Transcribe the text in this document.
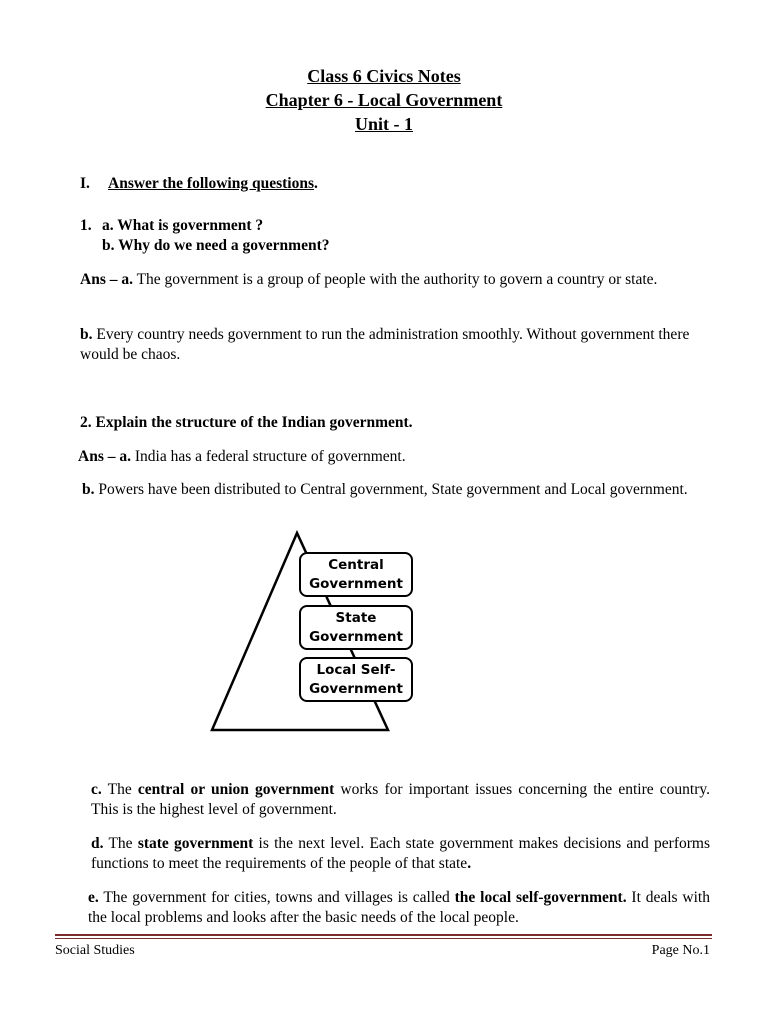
Class 6 Civics Notes
Chapter 6 - Local Government
Unit - 1
I. Answer the following questions.
1. a. What is government ?
b. Why do we need a government?
Ans – a. The government is a group of people with the authority to govern a country or state.
b. Every country needs government to run the administration smoothly. Without government there would be chaos.
2. Explain the structure of the Indian government.
Ans – a. India has a federal structure of government.
b. Powers have been distributed to Central government, State government and Local government.
Central
Government
State
Government
Local Self-
Government
c. The central or union government works for important issues concerning the entire country. This is the highest level of government.
d. The state government is the next level. Each state government makes decisions and performs functions to meet the requirements of the people of that state.
e. The government for cities, towns and villages is called the local self-government. It deals with the local problems and looks after the basic needs of the local people.
Social Studies	Page No.1
